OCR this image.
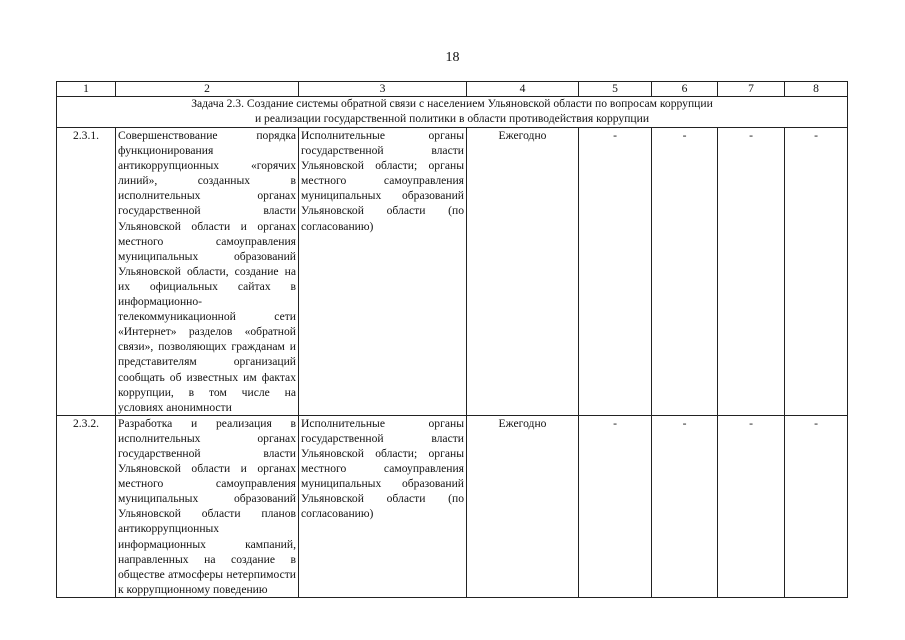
18
1	2	3	4	5	6	7	8

Задача 2.3. Создание системы обратной связи с населением Ульяновской области по вопросам коррупции
и реализации государственной политики в области противодействия коррупции							

2.3.1.	Совершенствование порядка функционирования антикоррупционных «горячих линий», созданных в исполнительных органах государственной власти Ульяновской области и органах местного самоуправления муниципальных образований Ульяновской области, создание на их официальных сайтах в информационно-телекоммуникационной сети «Интернет» разделов «обратной связи», позволяющих гражданам и представителям организаций сообщать об известных им фактах коррупции, в том числе на условиях анонимности	Исполнительные органы государственной власти Ульяновской области; органы местного самоуправления муниципальных образований Ульяновской области (по согласованию)	Ежегодно	-	-	-	-
2.3.2.	Разработка и реализация в исполнительных органах государственной власти Ульяновской области и органах местного самоуправления муниципальных образований Ульяновской области планов антикоррупционных информационных кампаний, направленных на создание в обществе атмосферы нетерпимости к коррупционному поведению	Исполнительные органы государственной власти Ульяновской области; органы местного самоуправления муниципальных образований Ульяновской области (по согласованию)	Ежегодно	-	-	-	-
